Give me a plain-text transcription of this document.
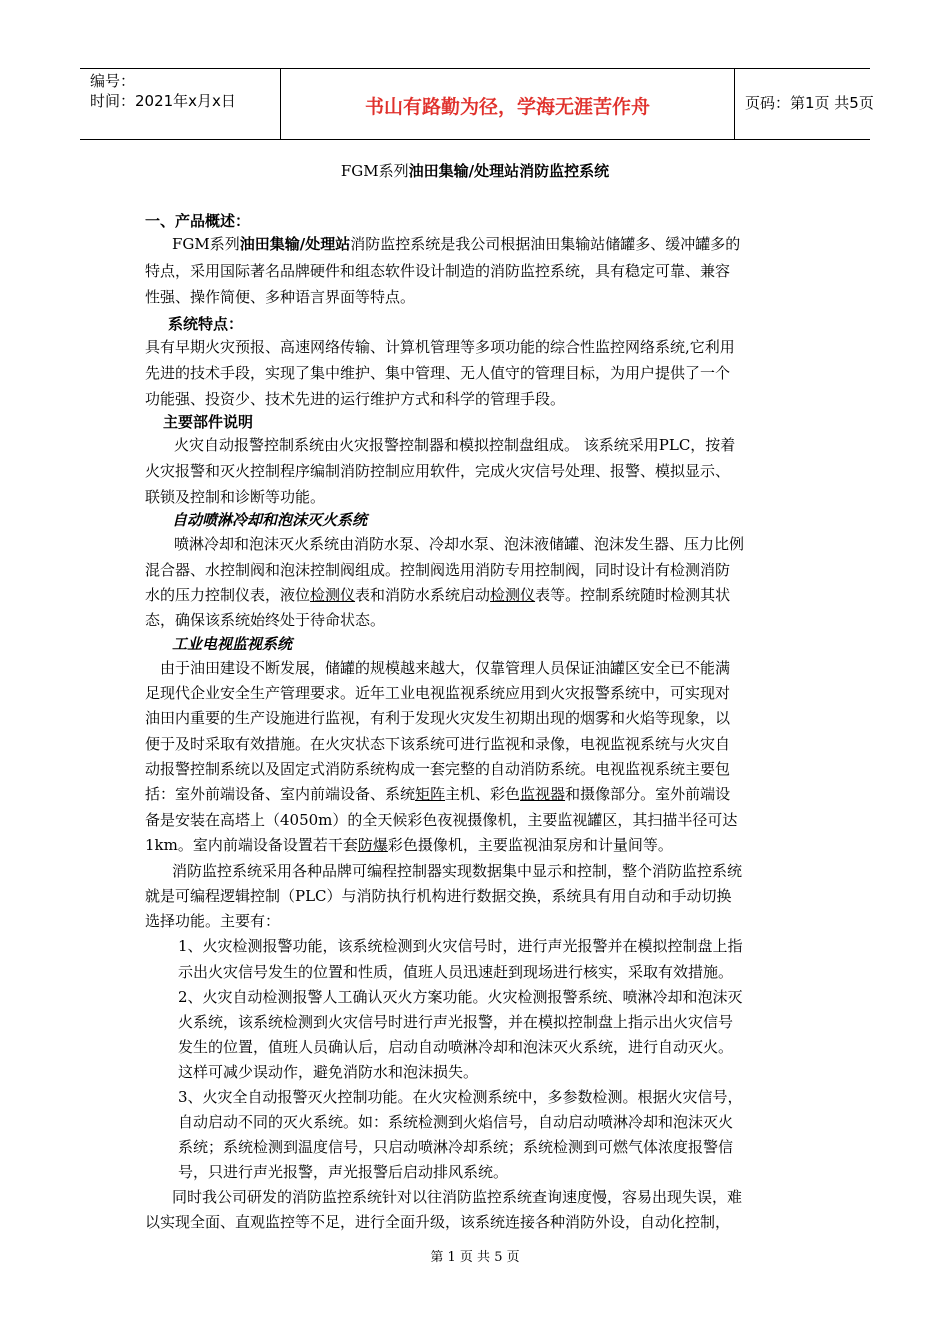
编号：
时间：2021年x月x日	书山有路勤为径，学海无涯苦作舟	页码：第1页 共5页
FGM系列油田集输/处理站消防监控系统
一、产品概述：
FGM系列油田集输/处理站消防监控系统是我公司根据油田集输站储罐多、缓冲罐多的
特点，采用国际著名品牌硬件和组态软件设计制造的消防监控系统，具有稳定可靠、兼容
性强、操作简便、多种语言界面等特点。
系统特点：
具有早期火灾预报、高速网络传输、计算机管理等多项功能的综合性监控网络系统,它利用
先进的技术手段，实现了集中维护、集中管理、无人值守的管理目标，为用户提供了一个
功能强、投资少、技术先进的运行维护方式和科学的管理手段。
主要部件说明
火灾自动报警控制系统由火灾报警控制器和模拟控制盘组成。 该系统采用PLC，按着
火灾报警和灭火控制程序编制消防控制应用软件，完成火灾信号处理、报警、模拟显示、
联锁及控制和诊断等功能。
自动喷淋冷却和泡沫灭火系统
喷淋冷却和泡沫灭火系统由消防水泵、冷却水泵、泡沫液储罐、泡沫发生器、压力比例
混合器、水控制阀和泡沫控制阀组成。控制阀选用消防专用控制阀，同时设计有检测消防
水的压力控制仪表，液位检测仪表和消防水系统启动检测仪表等。控制系统随时检测其状
态，确保该系统始终处于待命状态。
工业电视监视系统
由于油田建设不断发展，储罐的规模越来越大，仅靠管理人员保证油罐区安全已不能满
足现代企业安全生产管理要求。近年工业电视监视系统应用到火灾报警系统中，可实现对
油田内重要的生产设施进行监视，有利于发现火灾发生初期出现的烟雾和火焰等现象，以
便于及时采取有效措施。在火灾状态下该系统可进行监视和录像，电视监视系统与火灾自
动报警控制系统以及固定式消防系统构成一套完整的自动消防系统。电视监视系统主要包
括：室外前端设备、室内前端设备、系统矩阵主机、彩色监视器和摄像部分。室外前端设
备是安装在高塔上（4050m）的全天候彩色夜视摄像机，主要监视罐区，其扫描半径可达
1km。室内前端设备设置若干套防爆彩色摄像机，主要监视油泵房和计量间等。
消防监控系统采用各种品牌可编程控制器实现数据集中显示和控制，整个消防监控系统
就是可编程逻辑控制（PLC）与消防执行机构进行数据交换，系统具有用自动和手动切换
选择功能。主要有：
1、火灾检测报警功能，该系统检测到火灾信号时，进行声光报警并在模拟控制盘上指
示出火灾信号发生的位置和性质，值班人员迅速赶到现场进行核实，采取有效措施。
2、火灾自动检测报警人工确认灭火方案功能。火灾检测报警系统、喷淋冷却和泡沫灭
火系统，该系统检测到火灾信号时进行声光报警，并在模拟控制盘上指示出火灾信号
发生的位置，值班人员确认后，启动自动喷淋冷却和泡沫灭火系统，进行自动灭火。
这样可减少误动作，避免消防水和泡沫损失。
3、火灾全自动报警灭火控制功能。在火灾检测系统中，多参数检测。根据火灾信号，
自动启动不同的灭火系统。如：系统检测到火焰信号，自动启动喷淋冷却和泡沫灭火
系统；系统检测到温度信号，只启动喷淋冷却系统；系统检测到可燃气体浓度报警信
号，只进行声光报警，声光报警后启动排风系统。
同时我公司研发的消防监控系统针对以往消防监控系统查询速度慢，容易出现失误，难
以实现全面、直观监控等不足，进行全面升级，该系统连接各种消防外设，自动化控制，
第 1 页 共 5 页
